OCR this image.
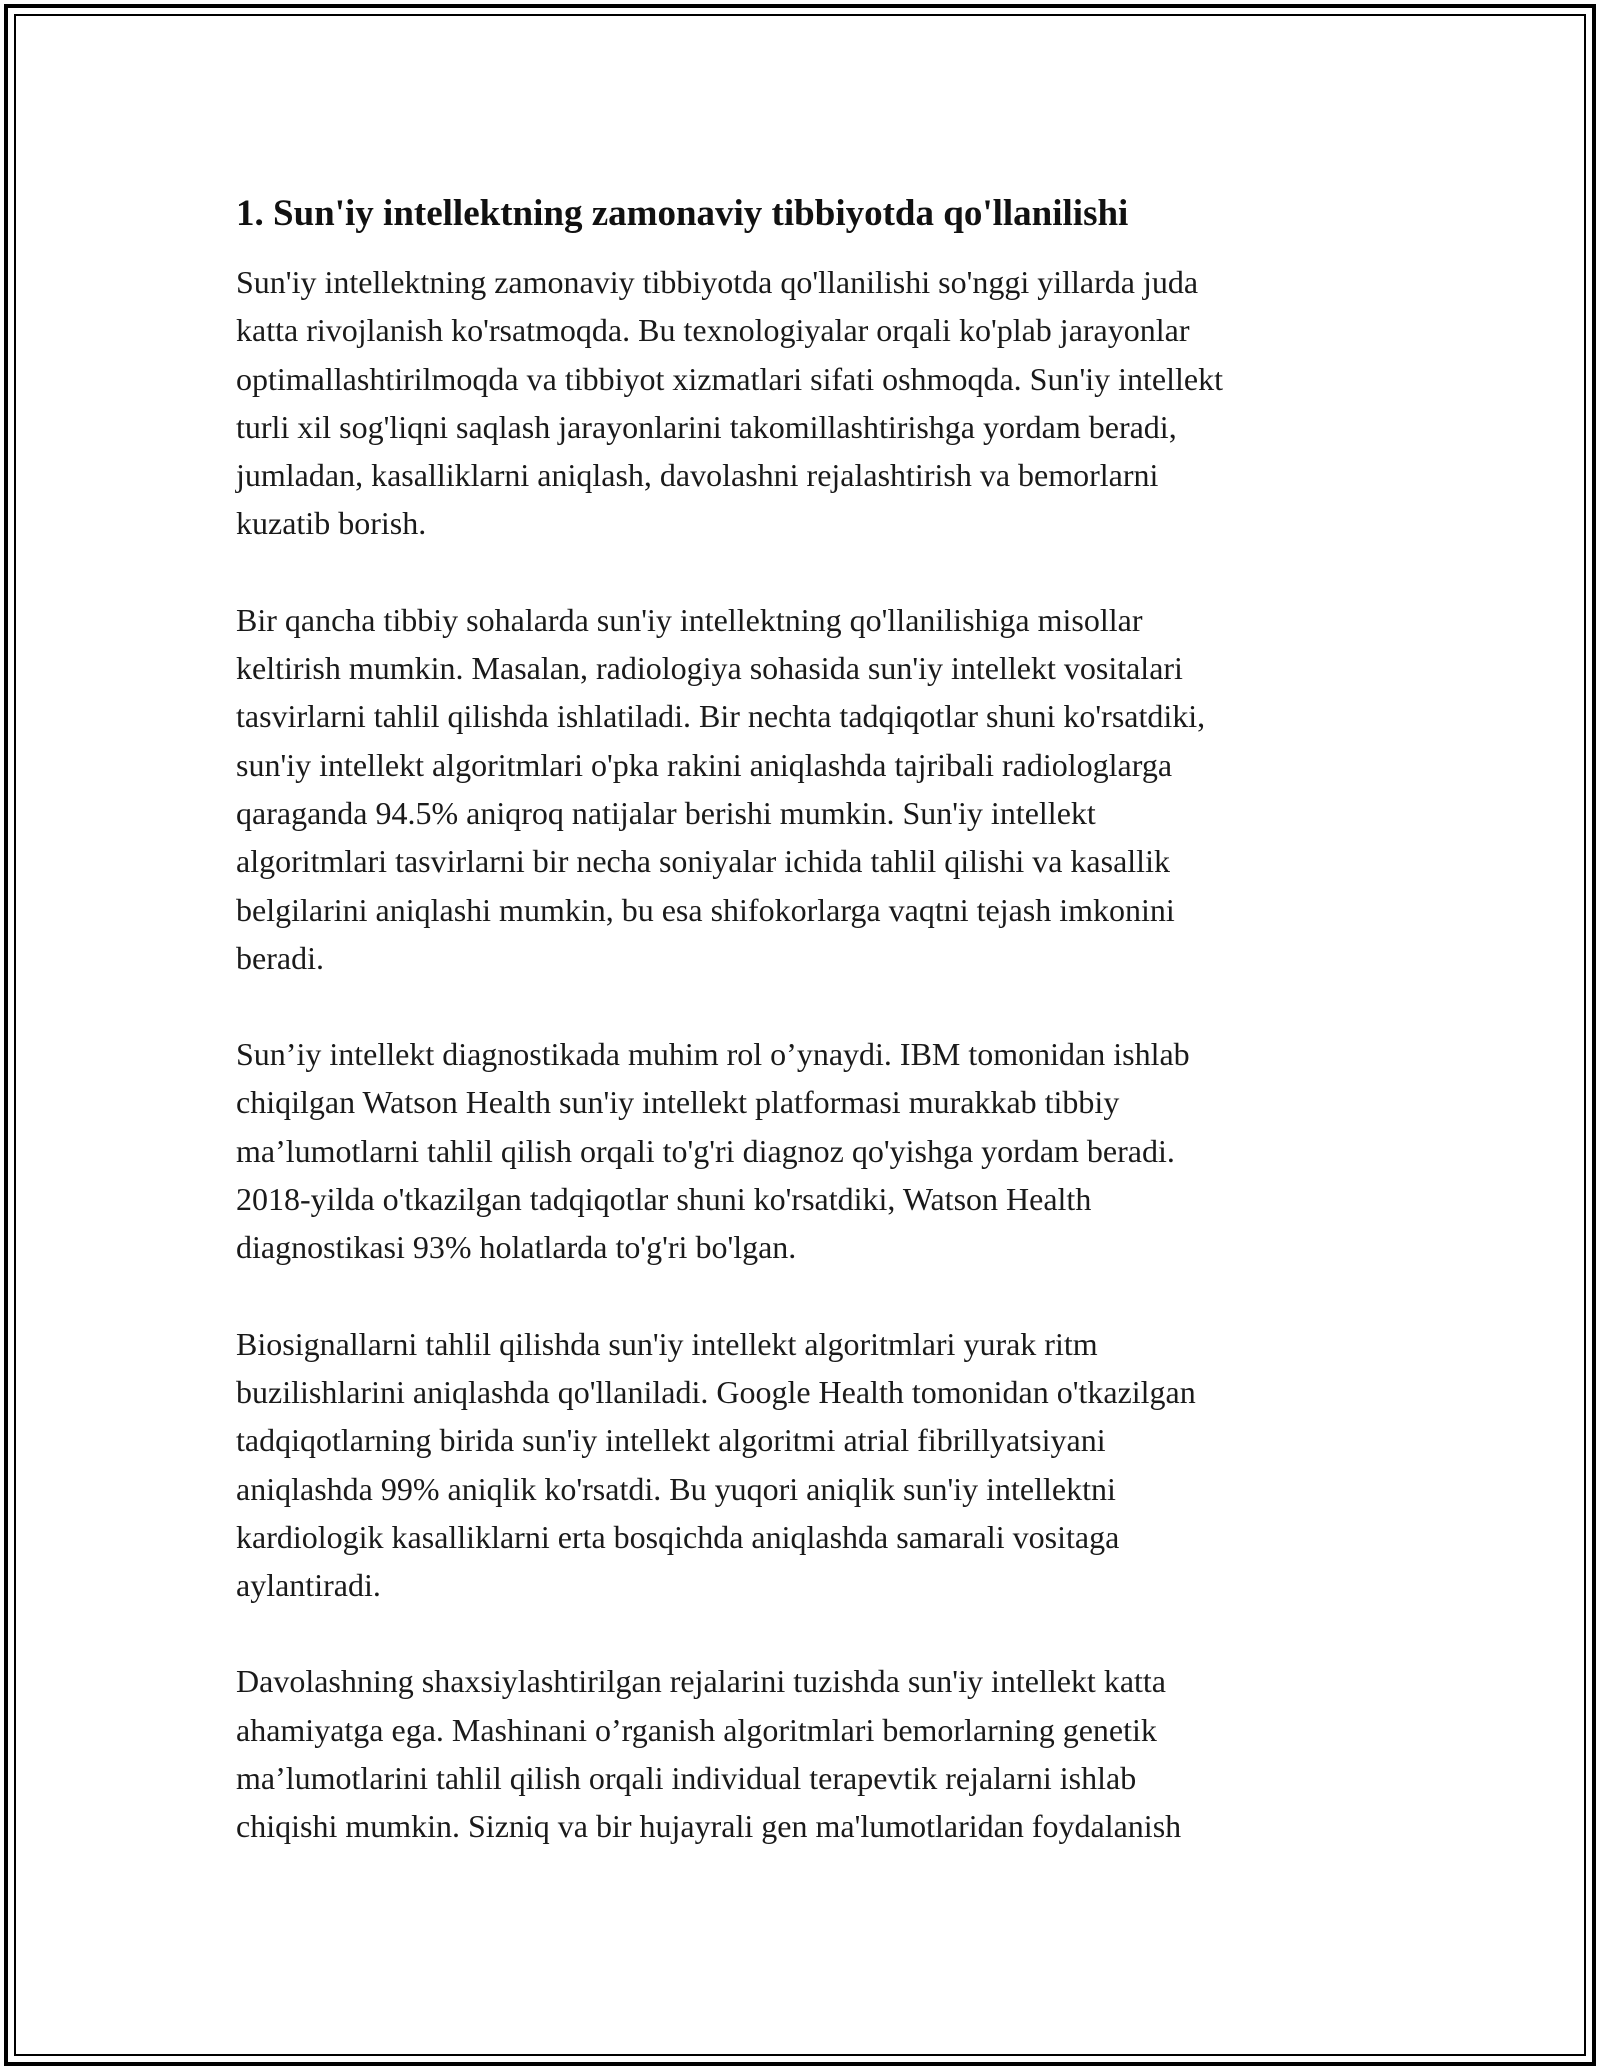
1. Sun'iy intellektning zamonaviy tibbiyotda qo'llanilishi

Sun'iy intellektning zamonaviy tibbiyotda qo'llanilishi so'nggi yillarda juda
katta rivojlanish ko'rsatmoqda. Bu texnologiyalar orqali ko'plab jarayonlar
optimallashtirilmoqda va tibbiyot xizmatlari sifati oshmoqda. Sun'iy intellekt
turli xil sog'liqni saqlash jarayonlarini takomillashtirishga yordam beradi,
jumladan, kasalliklarni aniqlash, davolashni rejalashtirish va bemorlarni
kuzatib borish.

Bir qancha tibbiy sohalarda sun'iy intellektning qo'llanilishiga misollar
keltirish mumkin. Masalan, radiologiya sohasida sun'iy intellekt vositalari
tasvirlarni tahlil qilishda ishlatiladi. Bir nechta tadqiqotlar shuni ko'rsatdiki,
sun'iy intellekt algoritmlari o'pka rakini aniqlashda tajribali radiologlarga
qaraganda 94.5% aniqroq natijalar berishi mumkin. Sun'iy intellekt
algoritmlari tasvirlarni bir necha soniyalar ichida tahlil qilishi va kasallik
belgilarini aniqlashi mumkin, bu esa shifokorlarga vaqtni tejash imkonini
beradi.

Sun’iy intellekt diagnostikada muhim rol o’ynaydi. IBM tomonidan ishlab
chiqilgan Watson Health sun'iy intellekt platformasi murakkab tibbiy
ma’lumotlarni tahlil qilish orqali to'g'ri diagnoz qo'yishga yordam beradi.
2018-yilda o'tkazilgan tadqiqotlar shuni ko'rsatdiki, Watson Health
diagnostikasi 93% holatlarda to'g'ri bo'lgan.

Biosignallarni tahlil qilishda sun'iy intellekt algoritmlari yurak ritm
buzilishlarini aniqlashda qo'llaniladi. Google Health tomonidan o'tkazilgan
tadqiqotlarning birida sun'iy intellekt algoritmi atrial fibrillyatsiyani
aniqlashda 99% aniqlik ko'rsatdi. Bu yuqori aniqlik sun'iy intellektni
kardiologik kasalliklarni erta bosqichda aniqlashda samarali vositaga
aylantiradi.

Davolashning shaxsiylashtirilgan rejalarini tuzishda sun'iy intellekt katta
ahamiyatga ega. Mashinani o’rganish algoritmlari bemorlarning genetik
ma’lumotlarini tahlil qilish orqali individual terapevtik rejalarni ishlab
chiqishi mumkin. Sizniq va bir hujayrali gen ma'lumotlaridan foydalanish
